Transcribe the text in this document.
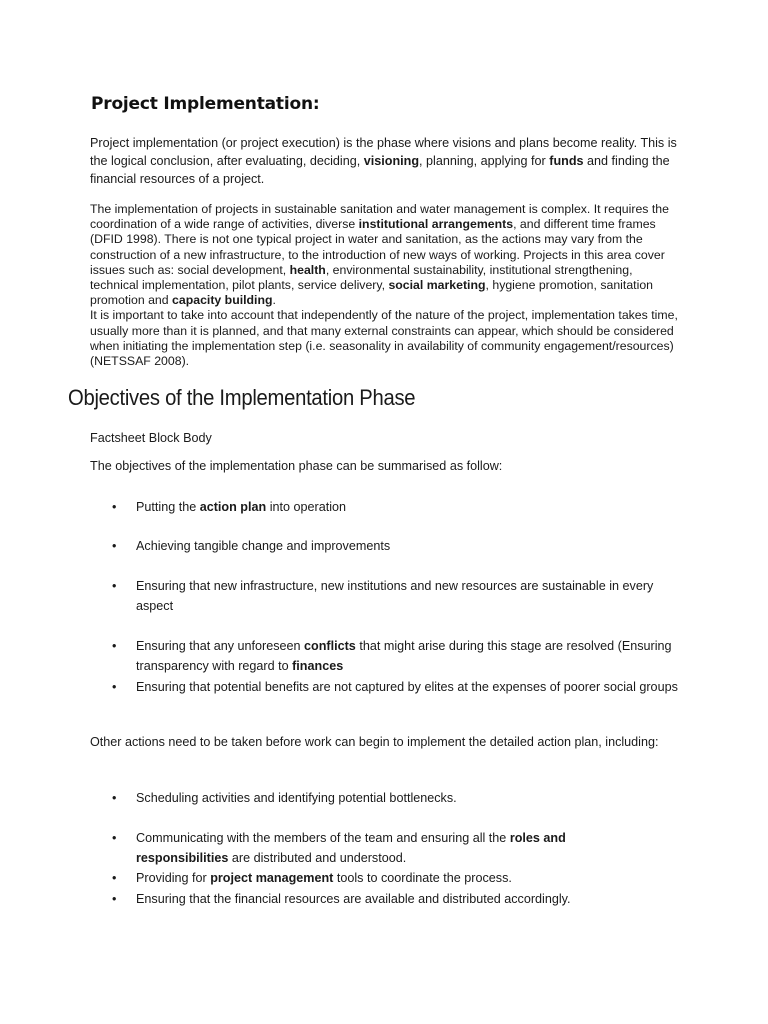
Project Implementation:
Project implementation (or project execution) is the phase where visions and plans become reality. This is the logical conclusion, after evaluating, deciding, visioning, planning, applying for funds and finding the financial resources of a project.
The implementation of projects in sustainable sanitation and water management is complex. It requires the coordination of a wide range of activities, diverse institutional arrangements, and different time frames (DFID 1998). There is not one typical project in water and sanitation, as the actions may vary from the construction of a new infrastructure, to the introduction of new ways of working. Projects in this area cover issues such as: social development, health, environmental sustainability, institutional strengthening, technical implementation, pilot plants, service delivery, social marketing, hygiene promotion, sanitation promotion and capacity building.
It is important to take into account that independently of the nature of the project, implementation takes time, usually more than it is planned, and that many external constraints can appear, which should be considered when initiating the implementation step (i.e. seasonality in availability of community engagement/resources) (NETSSAF 2008).
Objectives of the Implementation Phase
Factsheet Block Body
The objectives of the implementation phase can be summarised as follow:
•	Putting the action plan into operation
•	Achieving tangible change and improvements
•	Ensuring that new infrastructure, new institutions and new resources are sustainable in every aspect
•	Ensuring that any unforeseen conflicts that might arise during this stage are resolved (Ensuring transparency with regard to finances
•	Ensuring that potential benefits are not captured by elites at the expenses of poorer social groups
Other actions need to be taken before work can begin to implement the detailed action plan, including:
•	Scheduling activities and identifying potential bottlenecks.
•	Communicating with the members of the team and ensuring all the roles and responsibilities are distributed and understood.
•	Providing for project management tools to coordinate the process.
•	Ensuring that the financial resources are available and distributed accordingly.
